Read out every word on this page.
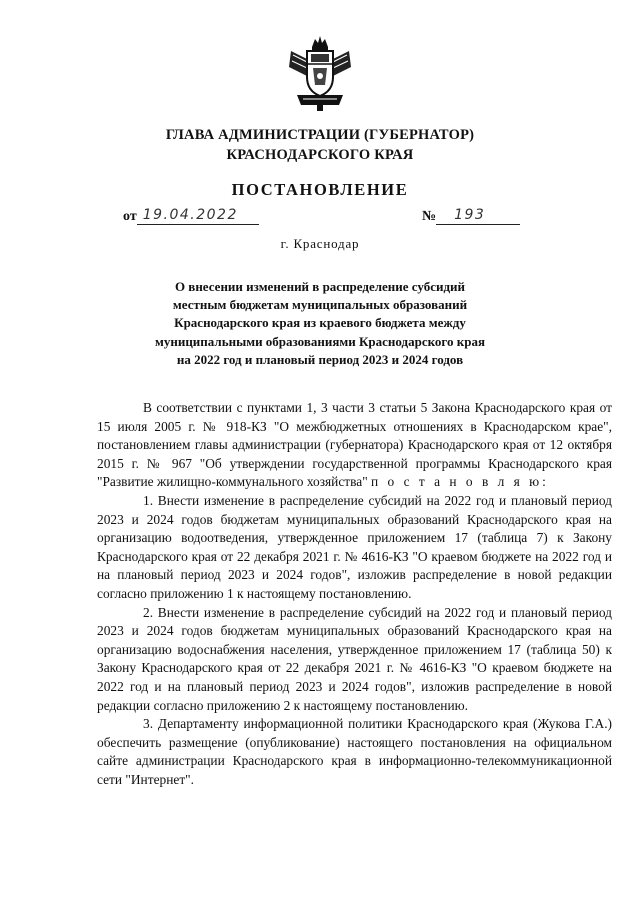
ГЛАВА АДМИНИСТРАЦИИ (ГУБЕРНАТОР)
КРАСНОДАРСКОГО КРАЯ
ПОСТАНОВЛЕНИЕ
от 19.04.2022	№ 193
г. Краснодар
О внесении изменений в распределение субсидий
местным бюджетам муниципальных образований
Краснодарского края из краевого бюджета между
муниципальными образованиями Краснодарского края
на 2022 год и плановый период 2023 и 2024 годов

В соответствии с пунктами 1, 3 части 3 статьи 5 Закона Краснодарского края от 15 июля 2005 г. № 918-КЗ "О межбюджетных отношениях в Краснодарском крае", постановлением главы администрации (губернатора) Краснодарского края от 12 октября 2015 г. № 967 "Об утверждении государственной программы Краснодарского края "Развитие жилищно-коммунального хозяйства" п о с т а н о в л я ю:

1. Внести изменение в распределение субсидий на 2022 год и плановый период 2023 и 2024 годов бюджетам муниципальных образований Краснодарского края на организацию водоотведения, утвержденное приложением 17 (таблица 7) к Закону Краснодарского края от 22 декабря 2021 г. № 4616-КЗ "О краевом бюджете на 2022 год и на плановый период 2023 и 2024 годов", изложив распределение в новой редакции согласно приложению 1 к настоящему постановлению.

2. Внести изменение в распределение субсидий на 2022 год и плановый период 2023 и 2024 годов бюджетам муниципальных образований Краснодарского края на организацию водоснабжения населения, утвержденное приложением 17 (таблица 50) к Закону Краснодарского края от 22 декабря 2021 г. № 4616-КЗ "О краевом бюджете на 2022 год и на плановый период 2023 и 2024 годов", изложив распределение в новой редакции согласно приложению 2 к настоящему постановлению.

3. Департаменту информационной политики Краснодарского края (Жукова Г.А.) обеспечить размещение (опубликование) настоящего постановления на официальном сайте администрации Краснодарского края в информационно-телекоммуникационной сети "Интернет".
